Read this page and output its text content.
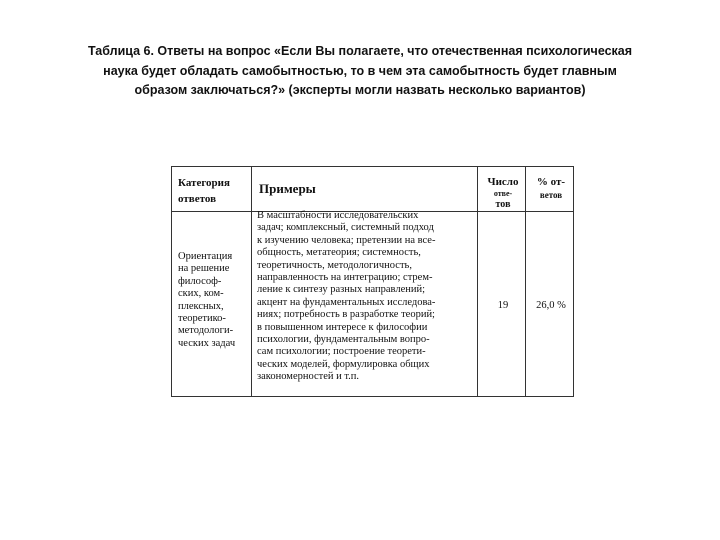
Таблица 6. Ответы на вопрос «Если Вы полагаете, что отечественная психологическая
наука будет обладать самобытностью, то в чем эта самобытность будет главным
образом заключаться?» (эксперты могли назвать несколько вариантов)
Категория
ответов
Примеры	Число
отве-
тов
% от-
ветов
Ориентация
на решение
философ-
ских, ком-
плексных,
теоретико-
методологи-
ческих задач
В масштабности исследовательских
задач; комплексный, системный подход
к изучению человека; претензии на все-
общность, метатеория; системность,
теоретичность, методологичность,
направленность на интеграцию; стрем-
ление к синтезу разных направлений;
акцент на фундаментальных исследова-
ниях; потребность в разработке теорий;
в повышенном интересе к философии
психологии, фундаментальным вопро-
сам психологии; построение теорети-
ческих моделей, формулировка общих
закономерностей и т.п.
19	26,0 %
